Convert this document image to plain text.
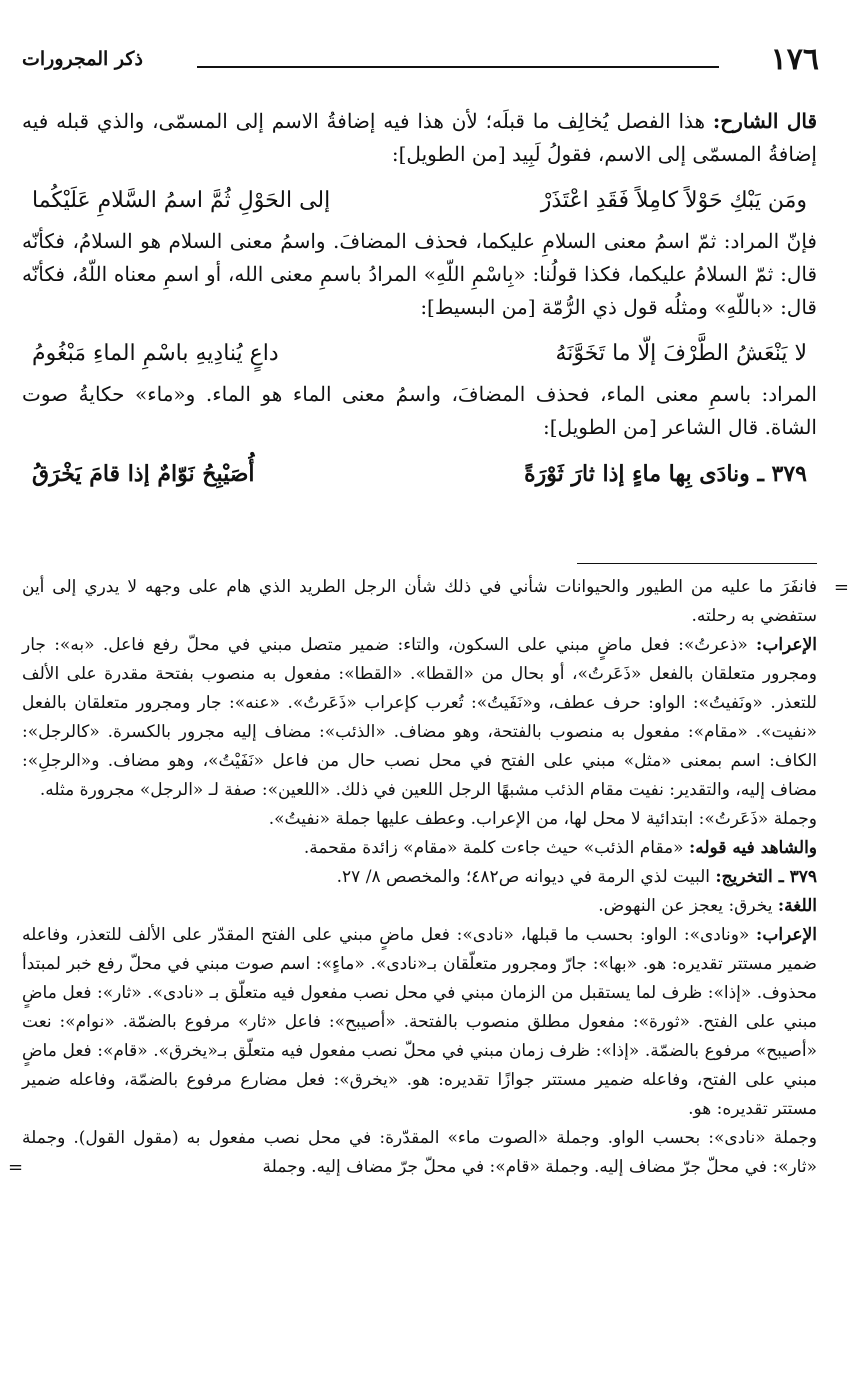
١٧٦
ذكر المجرورات

قال الشارح: هذا الفصل يُخالِف ما قبلَه؛ لأن هذا فيه إضافةُ الاسم إلى المسمّى، والذي قبله فيه إضافةُ المسمّى إلى الاسم، فقولُ لَبِيد [من الطويل]:

ومَن يَبْكِ حَوْلاً كامِلاً فَقَدِ اعْتَذَرْ
إلى الحَوْلِ ثُمَّ اسمُ السَّلامِ عَلَيْكُما

فإنّ المراد: ثمّ اسمُ معنى السلامِ عليكما، فحذف المضافَ. واسمُ معنى السلام هو السلامُ، فكأنّه قال: ثمّ السلامُ عليكما، فكذا قولُنا: «بِاسْمِ اللّهِ» المرادُ باسمِ معنى الله، أو اسمِ معناه اللّهُ، فكأنّه قال: «باللّهِ» ومثلُه قول ذي الرُّمّة [من البسيط]:

لا يَنْعَشُ الطَّرْفَ إلّا ما تَخَوَّنَهُ
داعٍ يُنادِيهِ باسْمِ الماءِ مَبْغُومُ

المراد: باسمِ معنى الماء، فحذف المضافَ، واسمُ معنى الماء هو الماء. و«ماء» حكايةُ صوت الشاة. قال الشاعر [من الطويل]:

٣٧٩ ـ ونادَى بِها ماءٍ إذا ثارَ ثَوْرَةً
أُصَيْبِحُ نَوّامٌ إذا قامَ يَخْرَقُ
=

فانفَرَ ما عليه من الطيور والحيوانات شأني في ذلك شأن الرجل الطريد الذي هام على وجهه لا يدري إلى أين ستفضي به رحلته.

الإعراب: «ذعرتُ»: فعل ماضٍ مبني على السكون، والتاء: ضمير متصل مبني في محلّ رفع فاعل. «به»: جار ومجرور متعلقان بالفعل «ذَعَرتُ»، أو بحال من «القطا». «القطا»: مفعول به منصوب بفتحة مقدرة على الألف للتعذر. «ونَفيتُ»: الواو: حرف عطف، و«نَفَيتُ»: تُعرب كإعراب «ذَعَرتُ». «عنه»: جار ومجرور متعلقان بالفعل «نفيت». «مقام»: مفعول به منصوب بالفتحة، وهو مضاف. «الذئب»: مضاف إليه مجرور بالكسرة. «كالرجل»: الكاف: اسم بمعنى «مثل» مبني على الفتح في محل نصب حال من فاعل «نَفَيْتُ»، وهو مضاف. و«الرجلِ»: مضاف إليه، والتقدير: نفيت مقام الذئب مشبهًا الرجل اللعين في ذلك. «اللعين»: صفة لـ «الرجل» مجرورة مثله.

وجملة «ذَعَرتُ»: ابتدائية لا محل لها، من الإعراب. وعطف عليها جملة «نفيتُ».

والشاهد فيه قوله: «مقام الذئب» حيث جاءت كلمة «مقام» زائدة مقحمة.

٣٧٩ ـ التخريج: البيت لذي الرمة في ديوانه ص٤٨٢؛ والمخصص ٨/ ٢٧.

اللغة: يخرق: يعجز عن النهوض.

الإعراب: «ونادى»: الواو: بحسب ما قبلها، «نادى»: فعل ماضٍ مبني على الفتح المقدّر على الألف للتعذر، وفاعله ضمير مستتر تقديره: هو. «بها»: جارّ ومجرور متعلّقان بـ«نادى». «ماءٍ»: اسم صوت مبني في محلّ رفع خبر لمبتدأ محذوف. «إذا»: ظرف لما يستقبل من الزمان مبني في محل نصب مفعول فيه متعلّق بـ «نادى». «ثار»: فعل ماضٍ مبني على الفتح. «ثورة»: مفعول مطلق منصوب بالفتحة. «أصيبح»: فاعل «ثار» مرفوع بالضمّة. «نوام»: نعت «أصيبح» مرفوع بالضمّة. «إذا»: ظرف زمان مبني في محلّ نصب مفعول فيه متعلّق بـ«يخرق». «قام»: فعل ماضٍ مبني على الفتح، وفاعله ضمير مستتر جوازًا تقديره: هو. «يخرق»: فعل مضارع مرفوع بالضمّة، وفاعله ضمير مستتر تقديره: هو.

وجملة «نادى»: بحسب الواو. وجملة «الصوت ماء» المقدّرة: في محل نصب مفعول به (مقول القول). وجملة «ثار»: في محلّ جرّ مضاف إليه. وجملة «قام»: في محلّ جرّ مضاف إليه. وجملة
=
